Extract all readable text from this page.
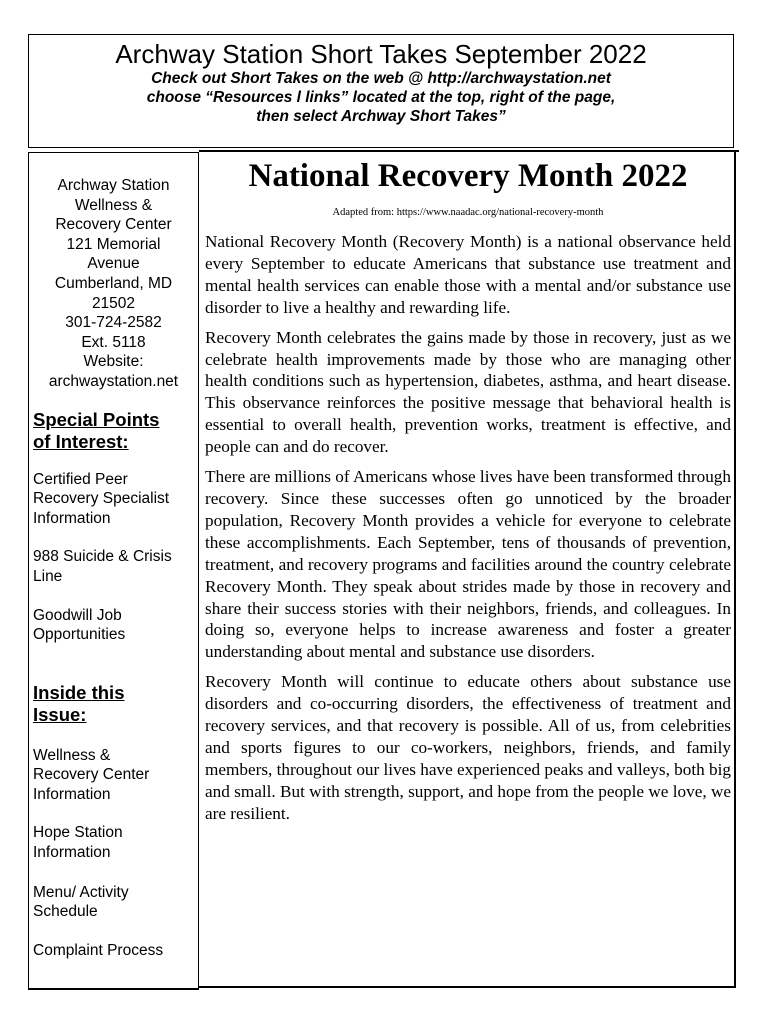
Archway Station Short Takes September 2022
Check out Short Takes on the web @ http://archwaystation.net
choose “Resources l links” located at the top, right of the page,
then select Archway Short Takes”
Archway Station
Wellness &
Recovery Center
121 Memorial
Avenue
Cumberland, MD
21502
301-724-2582
Ext. 5118
Website:
archwaystation.net
Special Points
of Interest:
Certified Peer
Recovery Specialist
Information
988 Suicide & Crisis
Line
Goodwill Job
Opportunities
Inside this
Issue:
Wellness &
Recovery Center
Information
Hope Station
Information
Menu/ Activity
Schedule
Complaint Process
National Recovery Month 2022
Adapted from: https://www.naadac.org/national-recovery-month

National Recovery Month (Recovery Month) is a national observance held every September to educate Americans that substance use treatment and mental health services can enable those with a mental and/or substance use disorder to live a healthy and rewarding life.

Recovery Month celebrates the gains made by those in recovery, just as we celebrate health improvements made by those who are managing other health conditions such as hypertension, diabetes, asthma, and heart disease. This observance reinforces the positive message that behavioral health is essential to overall health, prevention works, treatment is effective, and people can and do recover.

There are millions of Americans whose lives have been transformed through recovery. Since these successes often go unnoticed by the broader population, Recovery Month provides a vehicle for everyone to celebrate these accomplishments. Each September, tens of thousands of prevention, treatment, and recovery programs and facilities around the country celebrate Recovery Month. They speak about strides made by those in recovery and share their success stories with their neighbors, friends, and colleagues. In doing so, everyone helps to increase awareness and foster a greater understanding about mental and substance use disorders.

Recovery Month will continue to educate others about substance use disorders and co-occurring disorders, the effectiveness of treatment and recovery services, and that recovery is possible. All of us, from celebrities and sports figures to our co-workers, neighbors, friends, and family members, throughout our lives have experienced peaks and valleys, both big and small. But with strength, support, and hope from the people we love, we are resilient.
